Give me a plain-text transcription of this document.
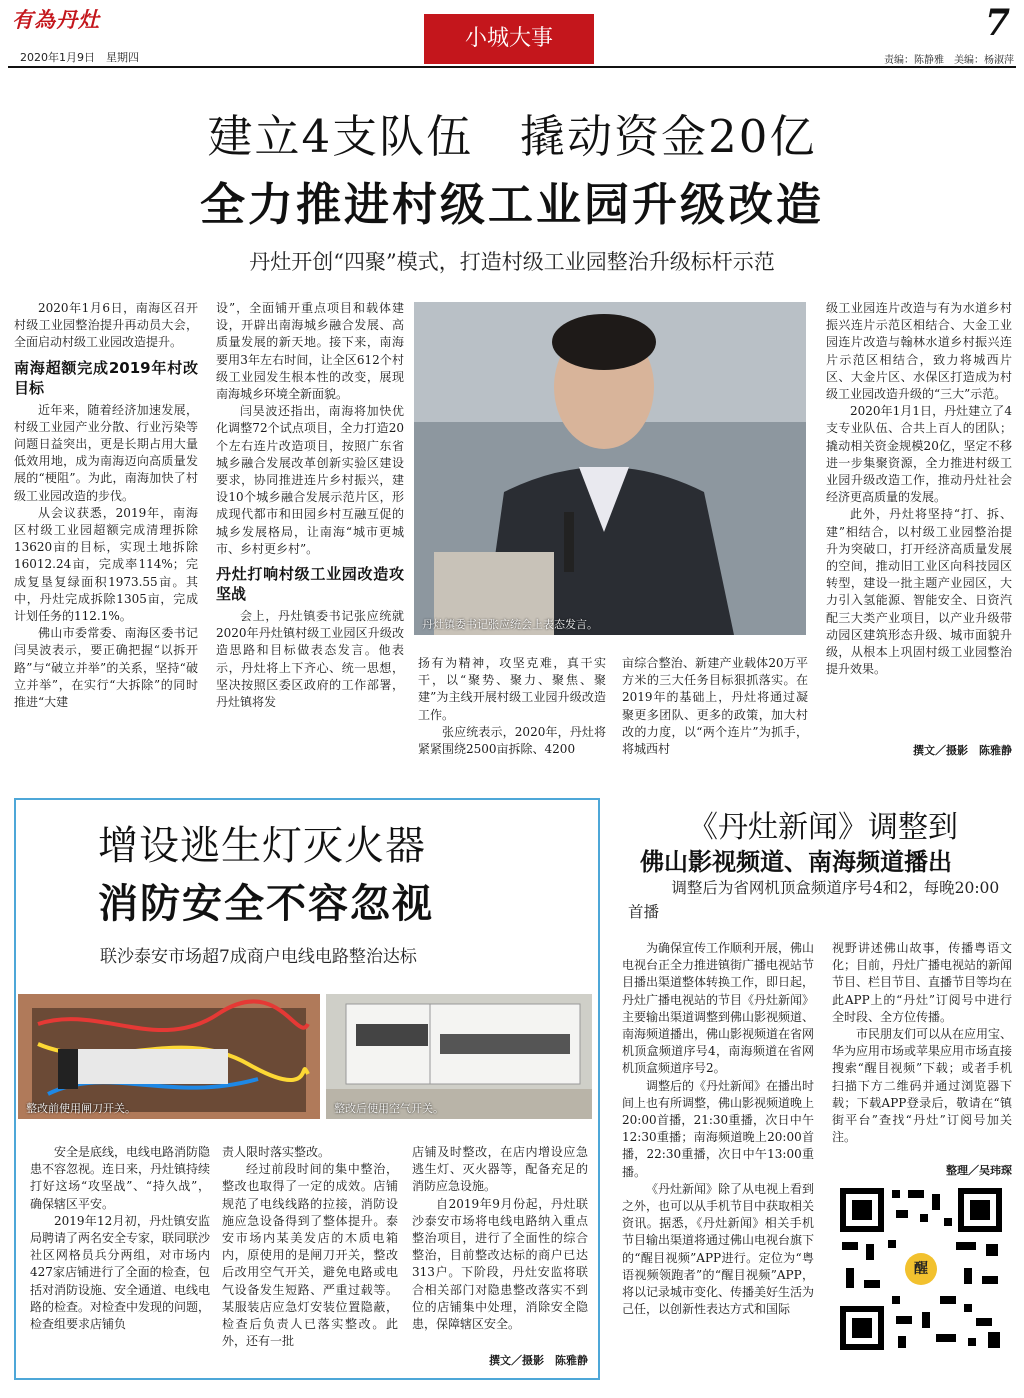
有為丹灶
2020年1月9日　星期四
小城大事	7
责编：陈静雅　美编：杨淑萍
建立4支队伍　撬动资金20亿
全力推进村级工业园升级改造
丹灶开创“四聚”模式，打造村级工业园整治升级标杆示范

2020年1月6日，南海区召开村级工业园整治提升再动员大会，全面启动村级工业园改造提升。

南海超额完成2019年村改目标

近年来，随着经济加速发展，村级工业园产业分散、行业污染等问题日益突出，更是长期占用大量低效用地，成为南海迈向高质量发展的“梗阻”。为此，南海加快了村级工业园改造的步伐。

从会议获悉，2019年，南海区村级工业园超额完成清理拆除13620亩的目标，实现土地拆除16012.24亩，完成率114%；完成复垦复绿面积1973.55亩。其中，丹灶完成拆除1305亩，完成计划任务的112.1%。

佛山市委常委、南海区委书记闫昊波表示，要正确把握“以拆开路”与“破立并举”的关系，坚持“破立并举”，在实行“大拆除”的同时推进“大建

设”，全面铺开重点项目和载体建设，开辟出南海城乡融合发展、高质量发展的新天地。接下来，南海要用3年左右时间，让全区612个村级工业园发生根本性的改变，展现南海城乡环境全新面貌。

闫昊波还指出，南海将加快优化调整72个试点项目，全力打造20个左右连片改造项目，按照广东省城乡融合发展改革创新实验区建设要求，协同推进连片乡村振兴，建设10个城乡融合发展示范片区，形成现代都市和田园乡村互融互促的城乡发展格局，让南海“城市更城市、乡村更乡村”。

丹灶打响村级工业园改造攻坚战

会上，丹灶镇委书记张应统就2020年丹灶镇村级工业园区升级改造思路和目标做表态发言。他表示，丹灶将上下齐心、统一思想，坚决按照区委区政府的工作部署，丹灶镇将发

丹灶镇委书记张应统会上表态发言。

扬有为精神，攻坚克难，真干实干，以“聚势、聚力、聚焦、聚建”为主线开展村级工业园升级改造工作。

张应统表示，2020年，丹灶将紧紧围绕2500亩拆除、4200

亩综合整治、新建产业载体20万平方米的三大任务目标狠抓落实。在2019年的基础上，丹灶将通过凝聚更多团队、更多的政策，加大村改的力度，以“两个连片”为抓手，将城西村

级工业园连片改造与有为水道乡村振兴连片示范区相结合、大金工业园连片改造与翰林水道乡村振兴连片示范区相结合，致力将城西片区、大金片区、水保区打造成为村级工业园改造升级的“三大”示范。

2020年1月1日，丹灶建立了4支专业队伍、合共上百人的团队；撬动相关资金规模20亿，坚定不移进一步集聚资源，全力推进村级工业园升级改造工作，推动丹灶社会经济更高质量的发展。

此外，丹灶将坚持“打、拆、建”相结合，以村级工业园整治提升为突破口，打开经济高质量发展的空间，推动旧工业区向科技园区转型，建设一批主题产业园区，大力引入氢能源、智能安全、日资汽配三大类产业项目，以产业升级带动园区建筑形态升级、城市面貌升级，从根本上巩固村级工业园整治提升效果。

撰文／摄影　陈雅静
增设逃生灯灭火器
消防安全不容忽视
联沙泰安市场超7成商户电线电路整治达标
整改前使用闸刀开关。	整改后使用空气开关。

安全是底线，电线电路消防隐患不容忽视。连日来，丹灶镇持续打好这场“攻坚战”、“持久战”，确保辖区平安。

2019年12月初，丹灶镇安监局聘请了两名安全专家，联同联沙社区网格员兵分两组，对市场内427家店铺进行了全面的检查，包括对消防设施、安全通道、电线电路的检查。对检查中发现的问题，检查组要求店铺负

责人限时落实整改。

经过前段时间的集中整治，整改也取得了一定的成效。店铺规范了电线线路的拉接，消防设施应急设备得到了整体提升。泰安市场内某美发店的木质电箱内，原使用的是闸刀开关，整改后改用空气开关，避免电路或电气设备发生短路、严重过载等。某服装店应急灯安装位置隐蔽，检查后负责人已落实整改。此外，还有一批

店铺及时整改，在店内增设应急逃生灯、灭火器等，配备充足的消防应急设施。

自2019年9月份起，丹灶联沙泰安市场将电线电路纳入重点整治项目，进行了全面性的综合整治，目前整改达标的商户已达313户。下阶段，丹灶安监将联合相关部门对隐患整改落实不到位的店铺集中处理，消除安全隐患，保障辖区安全。

撰文／摄影　陈雅静
《丹灶新闻》调整到
佛山影视频道、南海频道播出
调整后为省网机顶盒频道序号4和2，每晚20:00首播

为确保宣传工作顺利开展，佛山电视台正全力推进镇街广播电视站节目播出渠道整体转换工作，即日起，丹灶广播电视站的节目《丹灶新闻》主要输出渠道调整到佛山影视频道、南海频道播出，佛山影视频道在省网机顶盒频道序号4，南海频道在省网机顶盒频道序号2。

调整后的《丹灶新闻》在播出时间上也有所调整，佛山影视频道晚上20:00首播，21:30重播，次日中午12:30重播；南海频道晚上20:00首播，22:30重播，次日中午13:00重播。

《丹灶新闻》除了从电视上看到之外，也可以从手机节目中获取相关资讯。据悉，《丹灶新闻》相关手机节目输出渠道将通过佛山电视台旗下的“醒目视频”APP进行。定位为“粤语视频领跑者”的“醒目视频”APP，将以记录城市变化、传播美好生活为己任，以创新性表达方式和国际

视野讲述佛山故事，传播粤语文化；目前，丹灶广播电视站的新闻节目、栏目节目、直播节目等均在此APP上的“丹灶”订阅号中进行全时段、全方位传播。

市民朋友们可以从在应用宝、华为应用市场或苹果应用市场直接搜索“醒目视频”下载；或者手机扫描下方二维码并通过浏览器下载；下载APP登录后，敬请在“镇街平台”查找“丹灶”订阅号加关注。

整理／吴玮琛
醒
